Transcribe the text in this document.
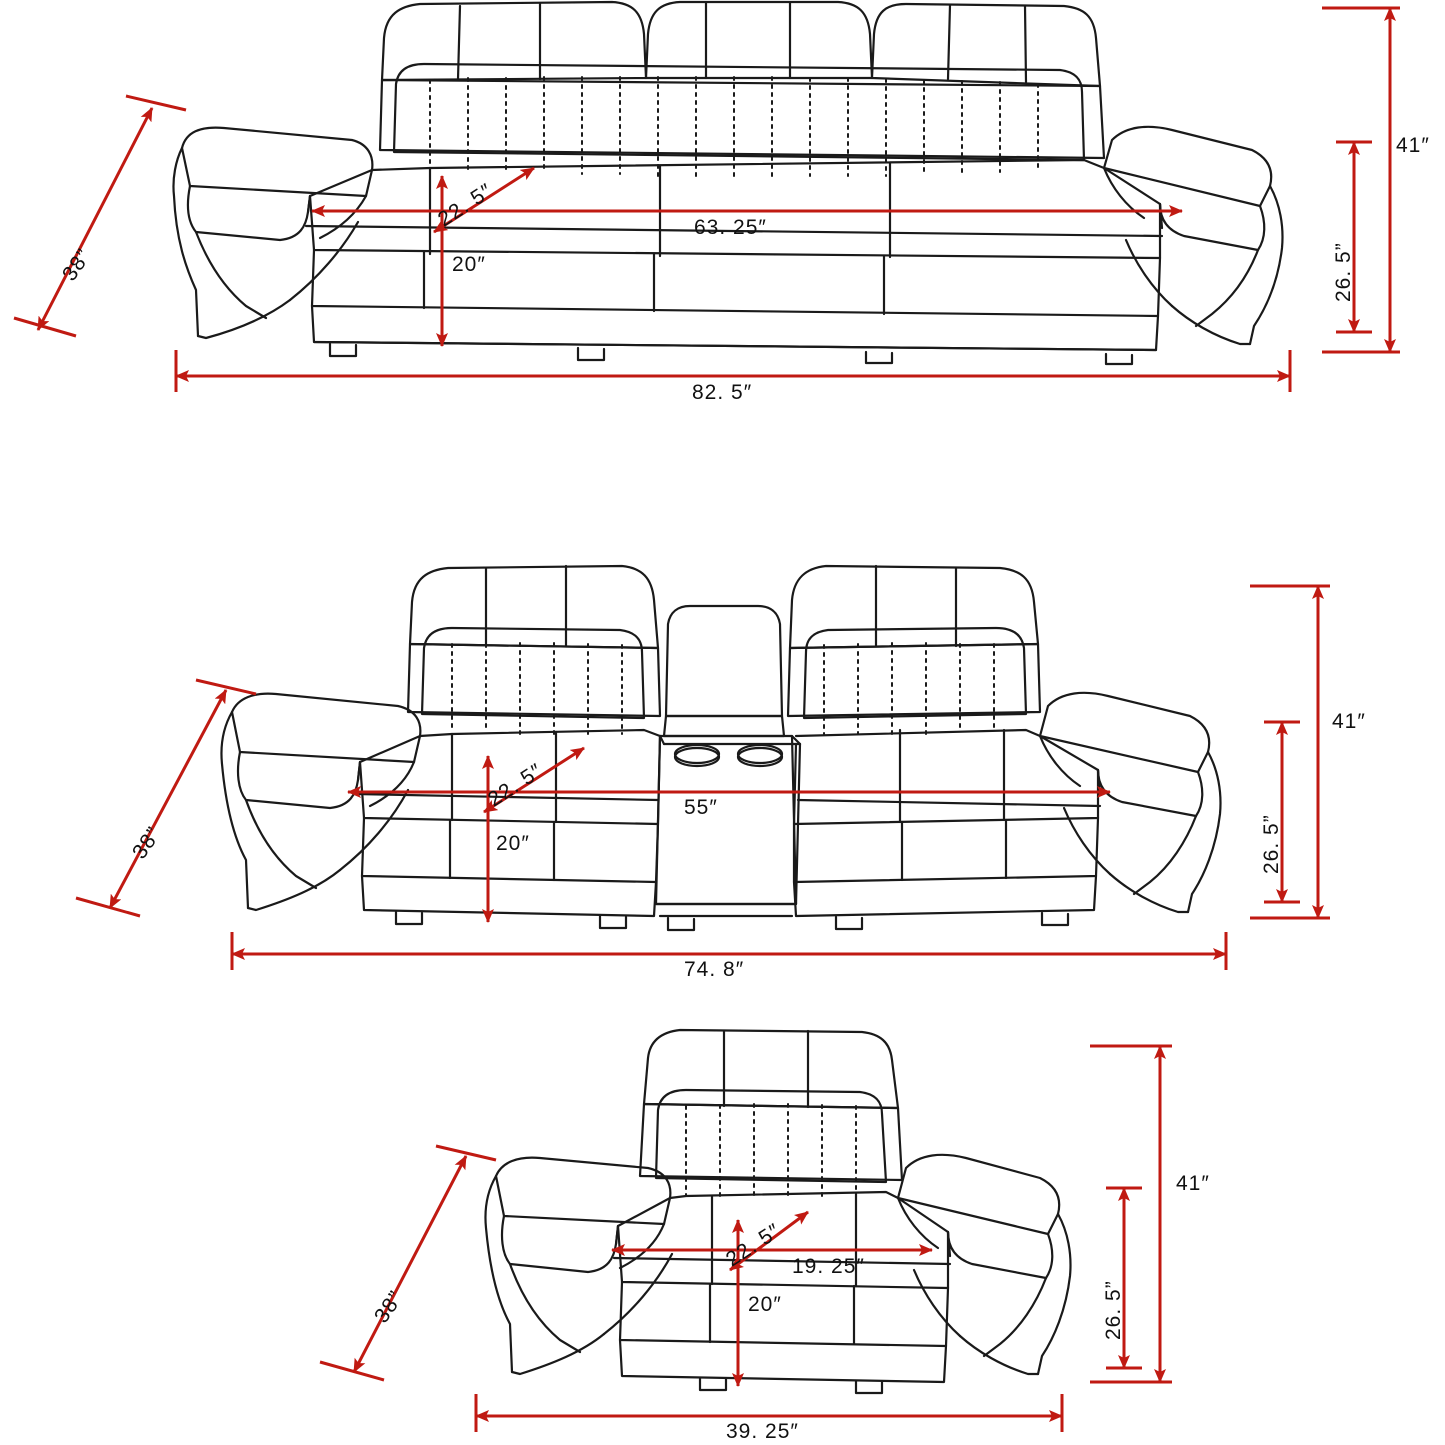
38”
63. 25″
22. 5″
20″
82. 5″
41″
26. 5”
38”
55″
22. 5″
20″
74. 8″
41″
26. 5”
38”
19. 25″
22. 5″
20″
39. 25″
41″
26. 5”
